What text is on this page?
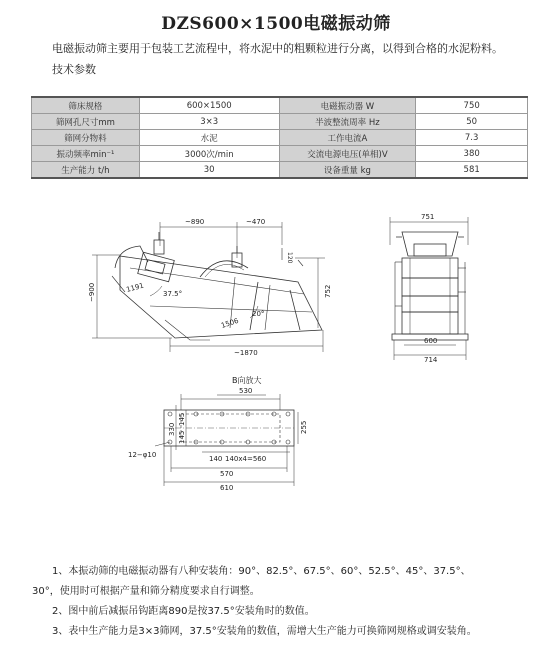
DZS600×1500电磁振动筛
电磁振动筛主要用于包装工艺流程中，将水泥中的粗颗粒进行分离，以得到合格的水泥粉料。
技术参数
筛床规格	600×1500	电磁振动器 W	750
筛网孔尺寸mm	3×3	半波整流周率 Hz	50
筛网分物料	水泥	工作电流A	7.3
振动频率min⁻¹	3000次/min	交流电源电压(单相)V	380
生产能力 t/h	30	设备重量 kg	581
~890	~470
~900	1191
37.5°
1506
20°
752
~1870
120
751
600
714
B向放大
530
145
145
330	255
12−φ10	140 140x4=560
570
610
1、本振动筛的电磁振动器有八种安装角：90°、82.5°、67.5°、60°、52.5°、45°、37.5°、
30°，使用时可根据产量和筛分精度要求自行调整。
2、图中前后减振吊钩距离890是按37.5°安装角时的数值。
3、表中生产能力是3×3筛网，37.5°安装角的数值，需增大生产能力可换筛网规格或调安装角。
